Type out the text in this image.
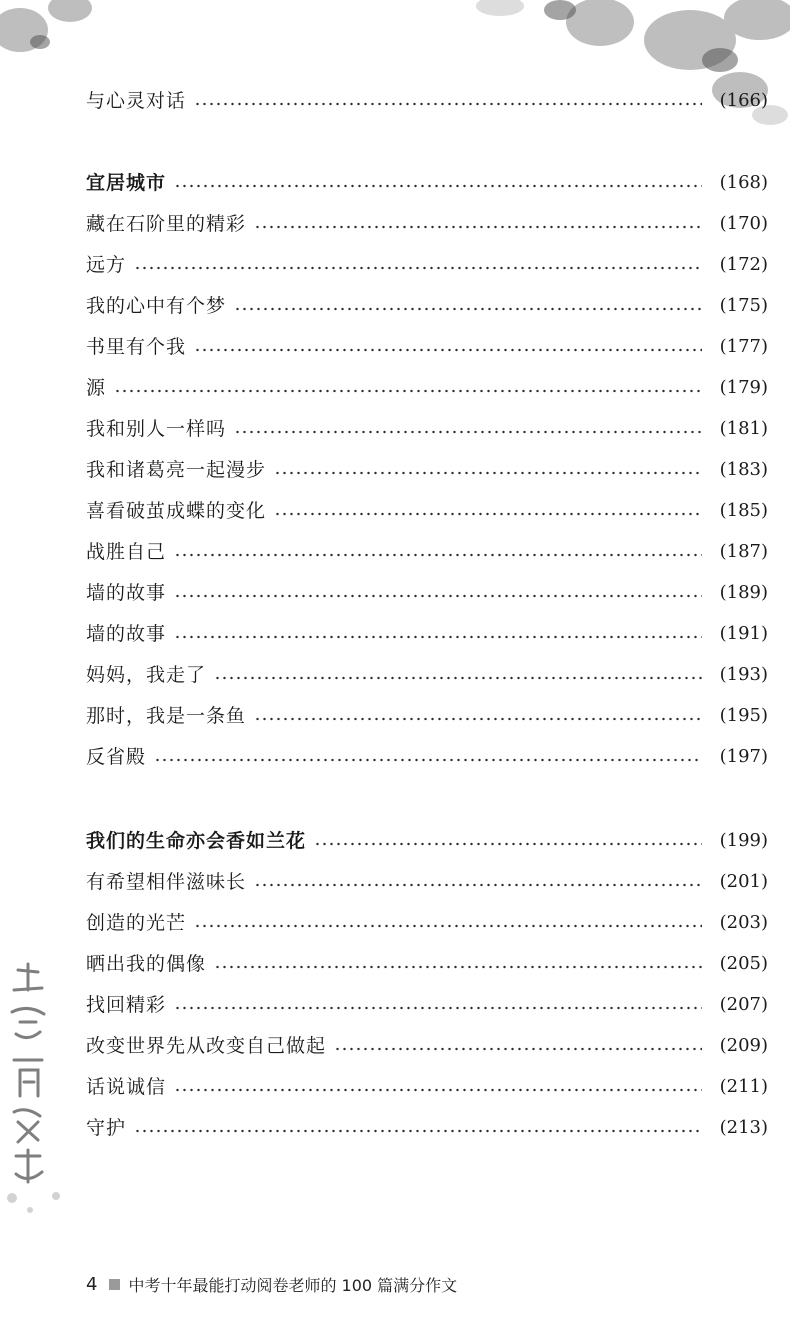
与心灵对话	(166)
宜居城市	(168)
藏在石阶里的精彩	(170)
远方	(172)
我的心中有个梦	(175)
书里有个我	(177)
源	(179)
我和别人一样吗	(181)
我和诸葛亮一起漫步	(183)
喜看破茧成蝶的变化	(185)
战胜自己	(187)
墙的故事	(189)
墙的故事	(191)
妈妈，我走了	(193)
那时，我是一条鱼	(195)
反省殿	(197)
我们的生命亦会香如兰花	(199)
有希望相伴滋味长	(201)
创造的光芒	(203)
晒出我的偶像	(205)
找回精彩	(207)
改变世界先从改变自己做起	(209)
话说诚信	(211)
守护	(213)
4 中考十年最能打动阅卷老师的 100 篇满分作文
